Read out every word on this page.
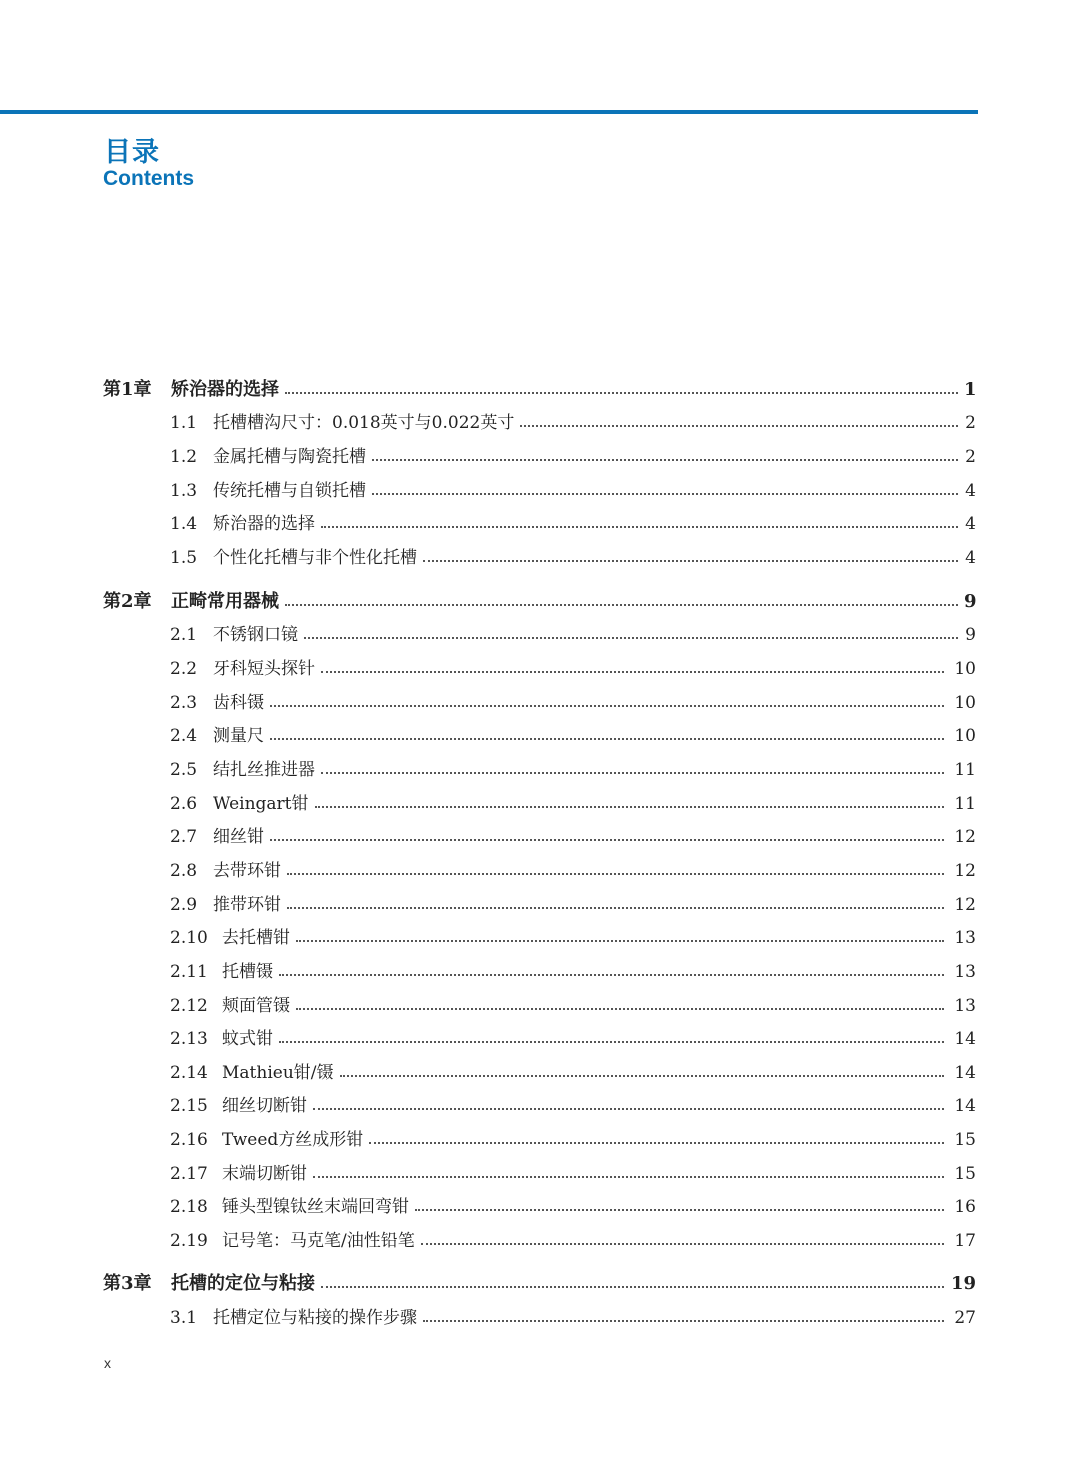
目录
Contents
第1章	矫治器的选择	1
1.1 托槽槽沟尺寸：0.018英寸与0.022英寸	2
1.2 金属托槽与陶瓷托槽	2
1.3 传统托槽与自锁托槽	4
1.4 矫治器的选择	4
1.5 个性化托槽与非个性化托槽	4
第2章	正畸常用器械	9
2.1 不锈钢口镜	9
2.2 牙科短头探针	10
2.3 齿科镊	10
2.4 测量尺	10
2.5 结扎丝推进器	11
2.6 Weingart钳	11
2.7 细丝钳	12
2.8 去带环钳	12
2.9 推带环钳	12
2.10 去托槽钳	13
2.11 托槽镊	13
2.12 颊面管镊	13
2.13 蚊式钳	14
2.14 Mathieu钳/镊	14
2.15 细丝切断钳	14
2.16 Tweed方丝成形钳	15
2.17 末端切断钳	15
2.18 锤头型镍钛丝末端回弯钳	16
2.19 记号笔：马克笔/油性铅笔	17
第3章	托槽的定位与粘接	19
3.1 托槽定位与粘接的操作步骤	27
x
